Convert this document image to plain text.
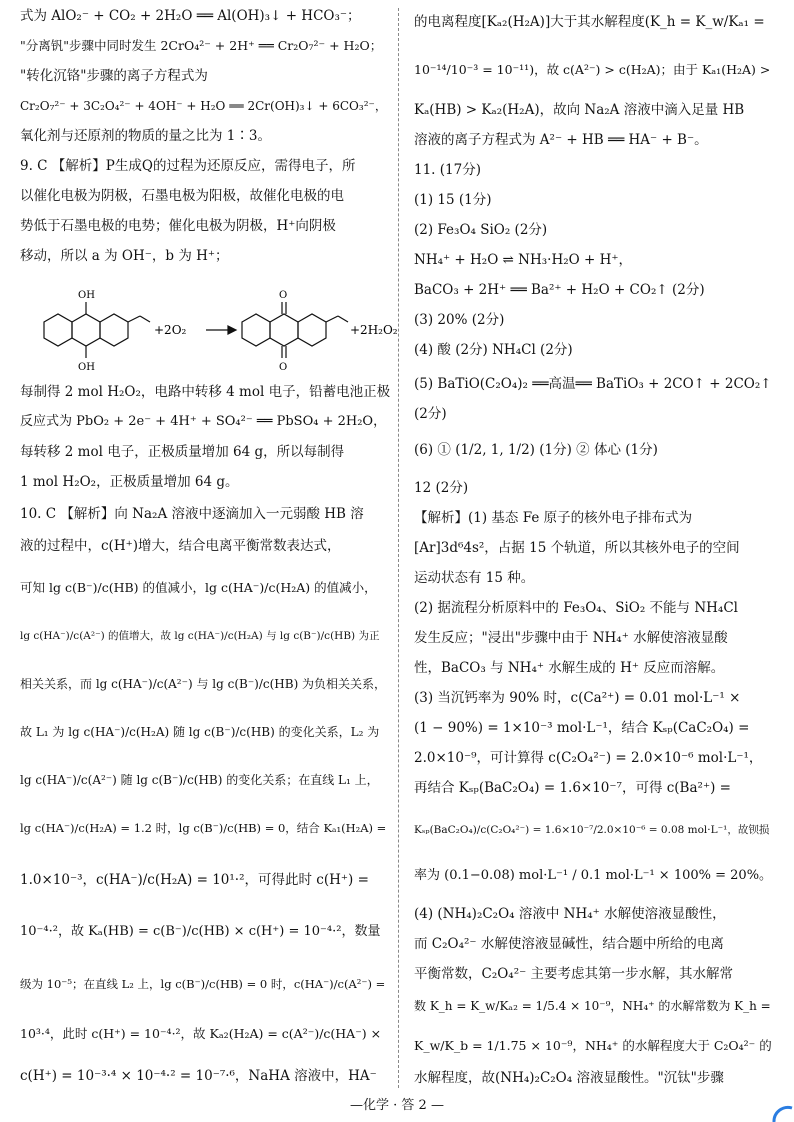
式为 AlO₂⁻ + CO₂ + 2H₂O ══ Al(OH)₃↓ + HCO₃⁻；
"分离钒"步骤中同时发生 2CrO₄²⁻ + 2H⁺ ══ Cr₂O₇²⁻ + H₂O；
"转化沉铬"步骤的离子方程式为
Cr₂O₇²⁻ + 3C₂O₄²⁻ + 4OH⁻ + H₂O ══ 2Cr(OH)₃↓ + 6CO₃²⁻，
氧化剂与还原剂的物质的量之比为 1∶3。
9. C 【解析】P生成Q的过程为还原反应，需得电子，所
以催化电极为阴极，石墨电极为阳极，故催化电极的电
势低于石墨电极的电势；催化电极为阴极，H⁺向阴极
移动，所以 a 为 OH⁻，b 为 H⁺；
OH
OH
O
O
+2O₂	+2H₂O₂
每制得 2 mol H₂O₂，电路中转移 4 mol 电子，铅蓄电池正极
反应式为 PbO₂ + 2e⁻ + 4H⁺ + SO₄²⁻ ══ PbSO₄ + 2H₂O，
每转移 2 mol 电子，正极质量增加 64 g，所以每制得
1 mol H₂O₂，正极质量增加 64 g。
10. C 【解析】向 Na₂A 溶液中逐滴加入一元弱酸 HB 溶
液的过程中，c(H⁺)增大，结合电离平衡常数表达式，
可知 lg c(B⁻)/c(HB) 的值减小，lg c(HA⁻)/c(H₂A) 的值减小，
lg c(HA⁻)/c(A²⁻) 的值增大，故 lg c(HA⁻)/c(H₂A) 与 lg c(B⁻)/c(HB) 为正
相关关系，而 lg c(HA⁻)/c(A²⁻) 与 lg c(B⁻)/c(HB) 为负相关关系，
故 L₁ 为 lg c(HA⁻)/c(H₂A) 随 lg c(B⁻)/c(HB) 的变化关系，L₂ 为
lg c(HA⁻)/c(A²⁻) 随 lg c(B⁻)/c(HB) 的变化关系；在直线 L₁ 上，
lg c(HA⁻)/c(H₂A) = 1.2 时，lg c(B⁻)/c(HB) = 0，结合 Kₐ₁(H₂A) =
1.0×10⁻³，c(HA⁻)/c(H₂A) = 10¹·²，可得此时 c(H⁺) =
10⁻⁴·²，故 Kₐ(HB) = c(B⁻)/c(HB) × c(H⁺) = 10⁻⁴·²，数量
级为 10⁻⁵；在直线 L₂ 上，lg c(B⁻)/c(HB) = 0 时，c(HA⁻)/c(A²⁻) =
10³·⁴，此时 c(H⁺) = 10⁻⁴·²，故 Kₐ₂(H₂A) = c(A²⁻)/c(HA⁻) ×
c(H⁺) = 10⁻³·⁴ × 10⁻⁴·² = 10⁻⁷·⁶，NaHA 溶液中，HA⁻
的电离程度[Kₐ₂(H₂A)]大于其水解程度(K_h = K_w/Kₐ₁ =
10⁻¹⁴/10⁻³ = 10⁻¹¹)，故 c(A²⁻) > c(H₂A)；由于 Kₐ₁(H₂A) >
Kₐ(HB) > Kₐ₂(H₂A)，故向 Na₂A 溶液中滴入足量 HB
溶液的离子方程式为 A²⁻ + HB ══ HA⁻ + B⁻。
11. (17分)
(1) 15 (1分)
(2) Fe₃O₄ SiO₂ (2分)
NH₄⁺ + H₂O ⇌ NH₃·H₂O + H⁺，
BaCO₃ + 2H⁺ ══ Ba²⁺ + H₂O + CO₂↑ (2分)
(3) 20% (2分)
(4) 酸 (2分) NH₄Cl (2分)
(5) BaTiO(C₂O₄)₂ ══高温══ BaTiO₃ + 2CO↑ + 2CO₂↑
(2分)
(6) ① (1/2, 1, 1/2) (1分) ② 体心 (1分)
12 (2分)
【解析】(1) 基态 Fe 原子的核外电子排布式为
[Ar]3d⁶4s²，占据 15 个轨道，所以其核外电子的空间
运动状态有 15 种。
(2) 据流程分析原料中的 Fe₃O₄、SiO₂ 不能与 NH₄Cl
发生反应；"浸出"步骤中由于 NH₄⁺ 水解使溶液显酸
性，BaCO₃ 与 NH₄⁺ 水解生成的 H⁺ 反应而溶解。
(3) 当沉钙率为 90% 时，c(Ca²⁺) = 0.01 mol·L⁻¹ ×
(1 − 90%) = 1×10⁻³ mol·L⁻¹，结合 Kₛₚ(CaC₂O₄) =
2.0×10⁻⁹，可计算得 c(C₂O₄²⁻) = 2.0×10⁻⁶ mol·L⁻¹，
再结合 Kₛₚ(BaC₂O₄) = 1.6×10⁻⁷，可得 c(Ba²⁺) =
Kₛₚ(BaC₂O₄)/c(C₂O₄²⁻) = 1.6×10⁻⁷/2.0×10⁻⁶ = 0.08 mol·L⁻¹，故钡损
率为 (0.1−0.08) mol·L⁻¹ / 0.1 mol·L⁻¹ × 100% = 20%。
(4) (NH₄)₂C₂O₄ 溶液中 NH₄⁺ 水解使溶液显酸性，
而 C₂O₄²⁻ 水解使溶液显碱性，结合题中所给的电离
平衡常数，C₂O₄²⁻ 主要考虑其第一步水解，其水解常
数 K_h = K_w/Kₐ₂ = 1/5.4 × 10⁻⁹，NH₄⁺ 的水解常数为 K_h =
K_w/K_b = 1/1.75 × 10⁻⁹，NH₄⁺ 的水解程度大于 C₂O₄²⁻ 的
水解程度，故(NH₄)₂C₂O₄ 溶液显酸性。"沉钛"步骤
—化学 · 答 2 —
